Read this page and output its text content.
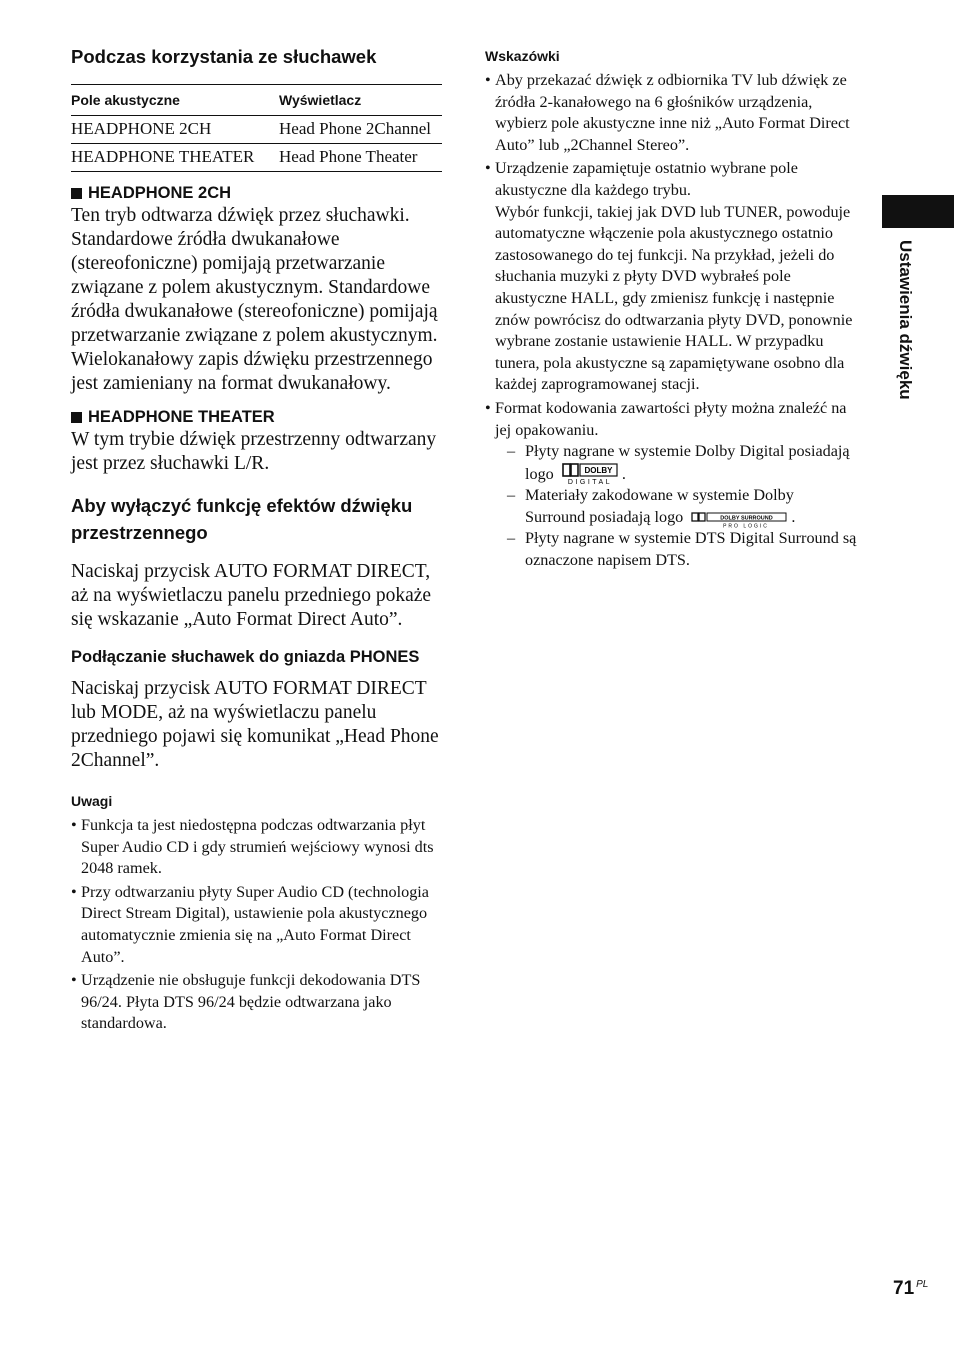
Podczas korzystania ze słuchawek
Pole akustyczne	Wyświetlacz
HEADPHONE 2CH	Head Phone 2Channel
HEADPHONE THEATER	Head Phone Theater
HEADPHONE 2CH

Ten tryb odtwarza dźwięk przez słuchawki. Standardowe źródła dwukanałowe (stereofoniczne) pomijają przetwarzanie związane z polem akustycznym. Standardowe źródła dwukanałowe (stereofoniczne) pomijają przetwarzanie związane z polem akustycznym. Wielokanałowy zapis dźwięku przestrzennego jest zamieniany na format dwukanałowy.

HEADPHONE THEATER

W tym trybie dźwięk przestrzenny odtwarzany jest przez słuchawki L/R.

Aby wyłączyć funkcję efektów dźwięku przestrzennego

Naciskaj przycisk AUTO FORMAT DIRECT, aż na wyświetlaczu panelu przedniego pokaże się wskazanie „Auto Format Direct Auto”.

Podłączanie słuchawek do gniazda PHONES

Naciskaj przycisk AUTO FORMAT DIRECT lub MODE, aż na wyświetlaczu panelu przedniego pojawi się komunikat „Head Phone 2Channel”.

Uwagi
• Funkcja ta jest niedostępna podczas odtwarzania płyt Super Audio CD i gdy strumień wejściowy wynosi dts 2048 ramek.
• Przy odtwarzaniu płyty Super Audio CD (technologia Direct Stream Digital), ustawienie pola akustycznego automatycznie zmienia się na „Auto Format Direct Auto”.
• Urządzenie nie obsługuje funkcji dekodowania DTS 96/24. Płyta DTS 96/24 będzie odtwarzana jako standardowa.
Wskazówki
• Aby przekazać dźwięk z odbiornika TV lub dźwięk ze źródła 2-kanałowego na 6 głośników urządzenia, wybierz pole akustyczne inne niż „Auto Format Direct Auto” lub „2Channel Stereo”.
• Urządzenie zapamiętuje ostatnio wybrane pole akustyczne dla każdego trybu.
Wybór funkcji, takiej jak DVD lub TUNER, powoduje automatyczne włączenie pola akustycznego ostatnio zastosowanego do tej funkcji. Na przykład, jeżeli do słuchania muzyki z płyty DVD wybrałeś pole akustyczne HALL, gdy zmienisz funkcję i następnie znów powrócisz do odtwarzania płyty DVD, ponownie wybrane zostanie ustawienie HALL. W przypadku tunera, pola akustyczne są zapamiętywane osobno dla każdej zaprogramowanej stacji.
• Format kodowania zawartości płyty można znaleźć na jej opakowaniu.
– Płyty nagrane w systemie Dolby Digital posiadają logo	DOLBY
DIGITAL .
– Materiały zakodowane w systemie Dolby Surround posiadają logo	DOLBY SURROUND
PRO LOGIC
.
– Płyty nagrane w systemie DTS Digital Surround są oznaczone napisem DTS.
Ustawienia dźwięku
71 $^{PL}$
